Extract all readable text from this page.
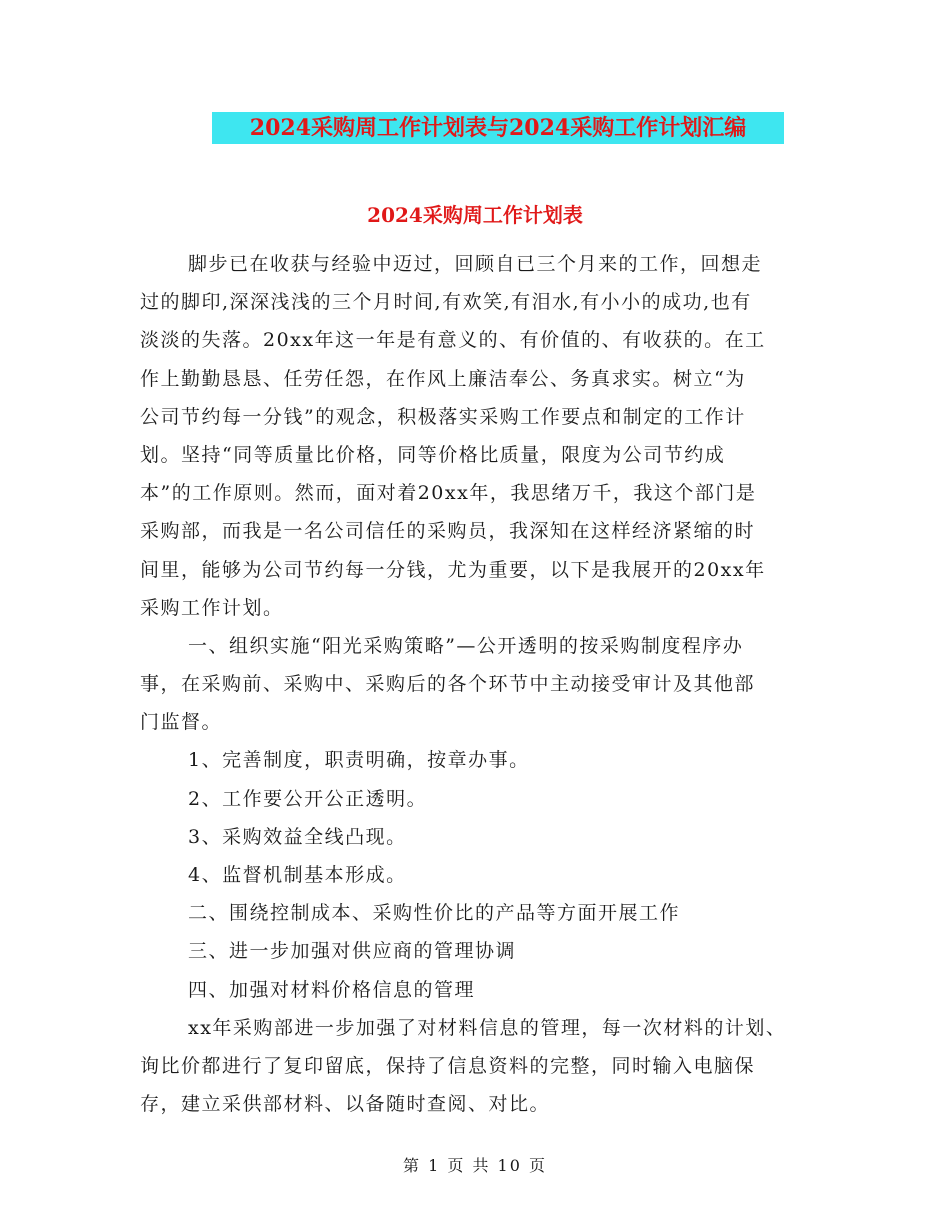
2024采购周工作计划表与2024采购工作计划汇编
2024采购周工作计划表
脚步已在收获与经验中迈过，回顾自已三个月来的工作，回想走
过的脚印,深深浅浅的三个月时间,有欢笑,有泪水,有小小的成功,也有
淡淡的失落。20xx年这一年是有意义的、有价值的、有收获的。在工
作上勤勤恳恳、任劳任怨，在作风上廉洁奉公、务真求实。树立“为
公司节约每一分钱”的观念，积极落实采购工作要点和制定的工作计
划。坚持“同等质量比价格，同等价格比质量，限度为公司节约成
本”的工作原则。然而，面对着20xx年，我思绪万千，我这个部门是
采购部，而我是一名公司信任的采购员，我深知在这样经济紧缩的时
间里，能够为公司节约每一分钱，尤为重要，以下是我展开的20xx年
采购工作计划。
一、组织实施“阳光采购策略”—公开透明的按采购制度程序办
事，在采购前、采购中、采购后的各个环节中主动接受审计及其他部
门监督。
1、完善制度，职责明确，按章办事。
2、工作要公开公正透明。
3、采购效益全线凸现。
4、监督机制基本形成。
二、围绕控制成本、采购性价比的产品等方面开展工作
三、进一步加强对供应商的管理协调
四、加强对材料价格信息的管理
xx年采购部进一步加强了对材料信息的管理，每一次材料的计划、
询比价都进行了复印留底，保持了信息资料的完整，同时输入电脑保
存，建立采供部材料、以备随时查阅、对比。
第 1 页 共 10 页
